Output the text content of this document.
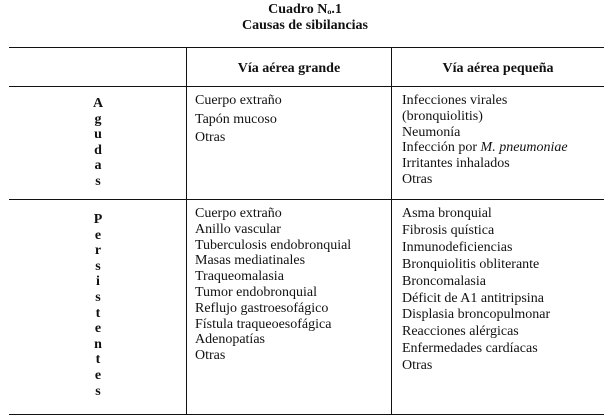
Cuadro Nₒ.1
Causas de sibilancias
Vía aérea grande	Vía aérea pequeña
A
g
u
d
a
s
Cuerpo extraño
Tapón mucoso
Otras
Infecciones virales
(bronquiolitis)
Neumonía
Infección por M. pneumoniae
Irritantes inhalados
Otras
P
e
r
s
i
s
t
e
n
t
e
s
Cuerpo extraño
Anillo vascular
Tuberculosis endobronquial
Masas mediatinales
Traqueomalasia
Tumor endobronquial
Reflujo gastroesofágico
Fístula traqueoesofágica
Adenopatías
Otras
Asma bronquial
Fibrosis quística
Inmunodeficiencias
Bronquiolitis obliterante
Broncomalasia
Déficit de A1 antitripsina
Displasia broncopulmonar
Reacciones alérgicas
Enfermedades cardíacas
Otras
